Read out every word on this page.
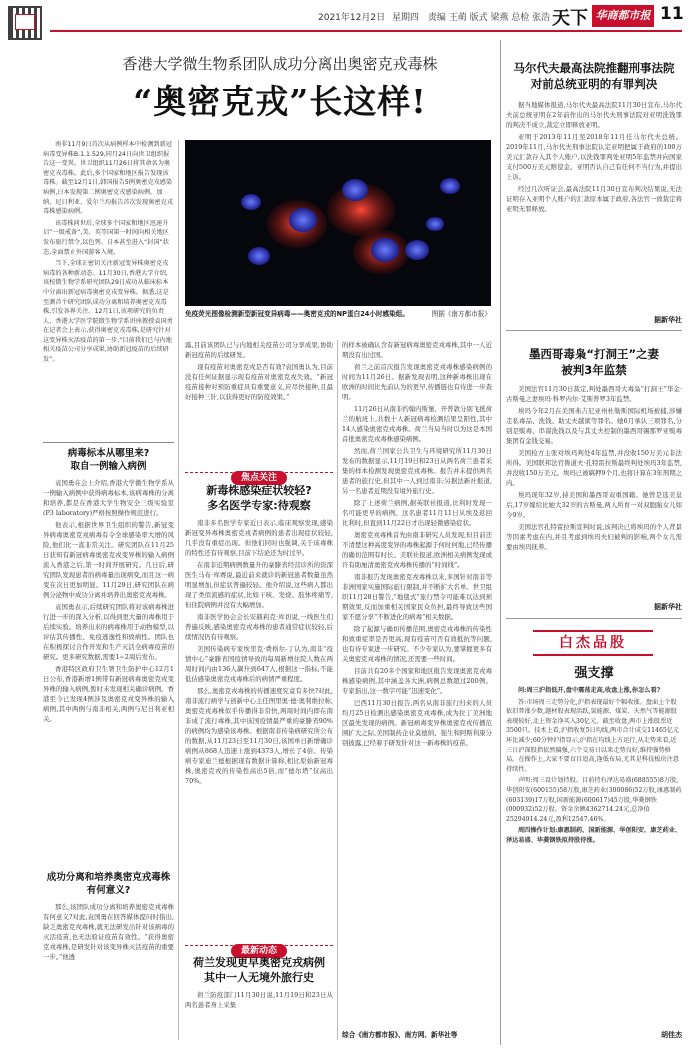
2021年12月2日 星期四 责编 王萌 版式 梁燕 总检 张浩 天下 华商都市报 11
香港大学微生物系团队成功分离出奥密克戎毒株
“奥密克戎”长这样!

南非11月9日首次从病例样本中检测到新冠病毒变异株B.1.1.529,同月24日向世卫组织报告这一变異。世卫组织11月26日将其命名为奥密克戎毒株。此后,多个国家和地区报告发现该毒株。截至12月1日,韩国报告5例奥密克戎感染病例,日本发现第二例奥密克戎感染病例。加纳、尼日利亚、爱尔兰均报告首次发现奥密克戎毒株感染病例。

该毒株问世后,全球多个国家和地区迅速升启“一级戒备”,美、英等国第一时间向相关地区发布旅行禁令,以色列、日本甚至进入“封国”状态,全面禁止外国游客入境。

当下,全球正密切关注新冠变异株奥密克戎病毒的各种新动态。11月30日,香港大学介绍,该校微生物学系研究团队29日成功从临床标本中分离出新冠病毒奥密克戎变异株。据悉,这是至测首个研究团队成功分离和培养奥密克戎毒株,引发各界关注。12月1日,该项研究的负责人、香港大学医学院微生物学系讲座教授袁国勇在记者会上表示,获得奥密克戎毒株,是研究针对这变异株灭活疫苗的第一步,“目前我们已与内地相关疫苗公司分享成果,协助新冠疫苗的后续研发”。

病毒标本从哪里来?
取自一例输入病例

袁国勇在会上介绍,香港大学微生物学系从一例输入病例中获得病毒标本,该病毒株的分离和培养,都是在香港大学生物安全三级实验室(P3 laboratory)严格按照操作规范进行。

他表示,根据世界卫生组织的警告,新冠变异病毒奥密克戎病毒有令全球感染率大增的风险,他们比一直非常关注。研究团队在11月25日获知有新冠病毒奥密克戎变异株的输入病例流入香港之后,第一时间开展研究。几日后,研究团队发现患者的病毒量出现病变,而且这一病变在次日更加明显。11月29日,研究团队在病例分泌物中成功分离并培养出奥密克戎毒株。

袁国勇表示,后续研究团队将对该病毒株进行进一步的深入分析,以得到更大量的毒株用于后续实验。培养出来的病毒株用于动物模型,以评估其传播性、免疫逃逸性和致病性。团队也在积极探讨合作开发和生产灭活全病毒疫苗的研究。更多研究数据,需要1~2周后发布。

香港特区政府卫生署卫生防护中心12月1日公布,香港新增1例带有新冠病毒奥密克戎变异株的输入病例,暂时未发现相关确诊病例。香港至今已发现4例涉及奥密克戎变异株的输入病例,其中两例与南非相关,两例与尼日利亚相关。

成功分离和培养奥密克戎毒株
有何意义?

那么,该团队成功分离和培养奥密克戎毒株有何意义?对此,袁国勇在回答媒体提问时指出,缺乏奥密克戎毒株,就无法研发出针对该病毒的灭活疫苗,也无法验证疫苗有效性。“获得奥密克戎毒株,是研发针对该变异株灭活疫苗的重要一步。”他透

免疫荧光图像检测新型新冠变异病毒——奥密克戎的NP蛋白24小时感染组。	图据《南方都市报》

露,目前该团队已与内地相关疫苗公司分享成果,协助新冠疫苗的后续研发。

现有疫苗对奥密克戎是否有效?袁国勇认为,目前没有任何证据显示现有疫苗对奥密克戎失效。“新冠疫苗接种对预防重症具有重要意义,应尽快接种,且最好接种三针,以获得更好的防疫效果。”

焦点关注
新毒株感染症状较轻?
多名医学专家:待观察

南非多名医学专家近日表示,临床观察发现,感染新冠变异毒株奥密克戎者病例的患者出现症状较轻,几乎没有重症出现。但他们同时也强调,关于该毒株的特性还有待观察,目前下结论还为时过早。

在南非近期病例数量升的豪滕省经营诊所的资深医生马布·库赛说,最近前来就诊的新冠患者数量虽然明显增加,但症状普遍较轻。他介绍说,这些病人都出现了类似流感的症状,比如干咳、发烧、肢体疼痛等,但住院病例并没有大幅增加。

南非医学协会会长安赫莉克·库切说,一线医生们普遍反映,感染奥密克戎毒株的患者通常症状较轻,后续情况仍有待观察。

美国传染病专家埃里克·费格尔-丁认为,南非“疫情中心”豪滕省国疫情导致的每周新增住院人数在两周时间内由136人飙升到647人,根据这一指标,不能低估感染奥密克戎毒株后的病情严重程度。

那么,奥密克戎毒株的传播速度究竟有多快?对此,南非流行病学与创新中心主任图里奥·德·奥利维拉称,奥密克戎毒株似乎传播得非常快,两周时间内即在南非成了流行毒株,其中该国疫情最严重的豪滕省90%的病例均为感染该毒株。根据南非传染病研究所公布的数据,从11月23日至11月30日,该国单日新增确诊病例从868人迅速上涨到4373人,增长了4倍。传染病专家迪兰德根据现有数据计算称,相比原始新冠毒株,奥密克戎的传染性高出5倍,而“德尔塔”仅高出70%。

最新动态
荷兰发现更早奥密克戎病例
其中一人无境外旅行史

荷兰防疫部门11月30日说,11月19日和23日从两名患者身上采集

的样本被确认含有新冠病毒奥密克戎毒株,其中一人近期没有出过国。

荷兰之前首次报告发现奥密克戎毒株感染病例的时间为11月26日。据新发现表明,这种新毒株出现在欧洲的时间比先前认为的更早,传播链也有待进一步查明。

11月26日从南非约翰内斯堡、开普敦分别飞抵荷兰的航班上,共数十人新冠病毒检测结果呈阳性,其中14人感染奥密克戎毒株。荷兰当局当时以为这是本国首批奥密克戎毒株感染病例。

然而,荷兰国家公共卫生与环境研究所11月30日发布的数据显示,11月19日和23日从两名荷兰患者采集的样本检测发现奥密克戎毒株。报告并未提供两名患者的旅行史,但其中一人到过南非;另据法新社报道,另一名患者近期没有境外旅行史。

除了上述荷兰病例,据英联社报道,比利时发现一名可能更早的病例。这名患者11月11日从埃及返回比利时,但直到11月22日才出现轻微感染症状。

奥密克戎毒株首先由南非研究人员发现,但目前还不清楚这种高度变异的毒株起源于何时何地,已经传播的确切范围有时长。美联社报道,欧洲相关病例发现或许有助厘清奥密克戎毒株传播的“时间线”。

南非报告发现奥密克戎毒株以来,多国针对南非等非洲国家实施国际旅行限制,并不断扩大名单。世卫组织11月28日警告,“地毯式”旅行禁令可能难以达到预期效果,反而加重相关国家民众负担,最终导致这些国家不愿分享“不断进化的病毒”相关数据。

除了起源与确切传播范围,奥密克戎毒株的传染性和致重症率是否更高,现有疫苗可否有效抵抗等问题,也有待专家进一步研究。不少专家认为,要掌握更多有关奥密克戎毒株的情况,还需要一些时间。

目前共有20多个国家和地区报告发现奥密克戎毒株感染病例,其中涵盖各大洲,病例总数超过200例。专家指出,这一数字可能“迅速变化”。

巴西11月30日报告,两名从南非旅行归来的人员均月25日检测出感染奥密克戎毒株,成为拉丁美洲地区最先发现的病例。新冠病毒变异株奥密克戎传播范围扩大之际,美国制药企业莫德纳、强生和阿斯利康分别披露,已经着手研发针对这一新毒株的疫苗。

综合《南方都市报》、南方网、新华社等
马尔代夫最高法院推翻刑事法院
对前总统亚明的有罪判决

据当地媒体报道,马尔代夫最高法院11月30日宣布,马尔代夫前总统亚明在2年前作出的马尔代夫刑事法院对亚明洗钱罪的判决不成立,裁定立即释放亚明。

亚明于2013年11月至2018年11月任马尔代夫总统。2019年11月,马尔代夫刑事法院认定亚明把属于政府的100万美元汇款存入其个人账户,以洗钱罪判处亚明5年监禁并向国家支付500万美元赔偿金。亚明否认自己有任何不当行为,并提出上诉。

经过几次听证会,最高法院11月30日宣布判决结果说,无法证明存入亚明个人账户的汇款原本属于政府,各法官一致裁定将亚明无罪释放。

据新华社
墨西哥毒枭“打洞王”之妻
被判3年监禁

美国法官11月30日裁定,判处墨西哥大毒枭“打洞王”华金·古斯曼之妻埃玛·科罗内尔·艾斯普罗3年监禁。

埃玛今年2月在美国弗吉尼亚州杜勒斯国际机场被捕,涉嫌走私毒品、洗钱、助丈夫越狱等罪名。她6月承认三项罪名,分别是贩毒、串谋洗钱以及与其丈夫控制的墨西哥锡那罗亚贩毒集团有金钱交易。

美国检方主张对埃玛判处4年监禁,并没收150万美元非法所得。美国联邦法官鲁道夫·孔特雷拉斯最终判处埃玛3年监禁,并没收150万美元。埃玛已被羁押9个月,也将计算在3年刑期之内。

埃玛现年32岁,持美国和墨西哥双重国籍。她曾是选美皇后,17岁嫁给比她大32岁的古斯曼,两人所育一对双胞胎女儿如今9岁。

美国法官孔特雷拉斯宣判时说,该判决已将埃玛的个人背景等因素考虑在内,并且考虑到埃玛夫妇被判的影响,两个女儿需要由埃玛抚养。

据新华社
白杰品股
强支撑

问:周三沪指低开,盘中震荡走高,收盘上涨,你怎么看?

答:市场周三走势分化,沪指表现最好个幅收涨。盘面上个股依旧普涨少数,题材股表现活跃,氢能源、煤炭、天然气等能源股表现较好,北上资金净买入30亿元。截至收盘,两市上涨股票近3500只。技术上看,沪指收复5日均线,两市合计成交11465亿元环比减少;60分钟沪指显示,沪指在均线上方运行,从走势来看,近三日沪深股指依然偏强,六个交易日以来走势良好,维持强势格局。在操作上,大家不要盲目追高,逢低布局,尤其是科技板块注意持续性。

声明:周三设计划持股。目前持有泽达易盛(688555)8万股,华创阳安(600155)58万股,康芝药业(300086)52万股,康惠制药(603139)17万股,国新能源(600617)45万股,华菱钢铁(000932)52万股。资金余额4362714.24元,总净值25294914.24元,盈利12547.46%。

周四操作计划:康惠制药、国新能源、华创阳安、康芝药业、泽达易盛、华菱钢铁拟持股待涨。

胡佳杰
